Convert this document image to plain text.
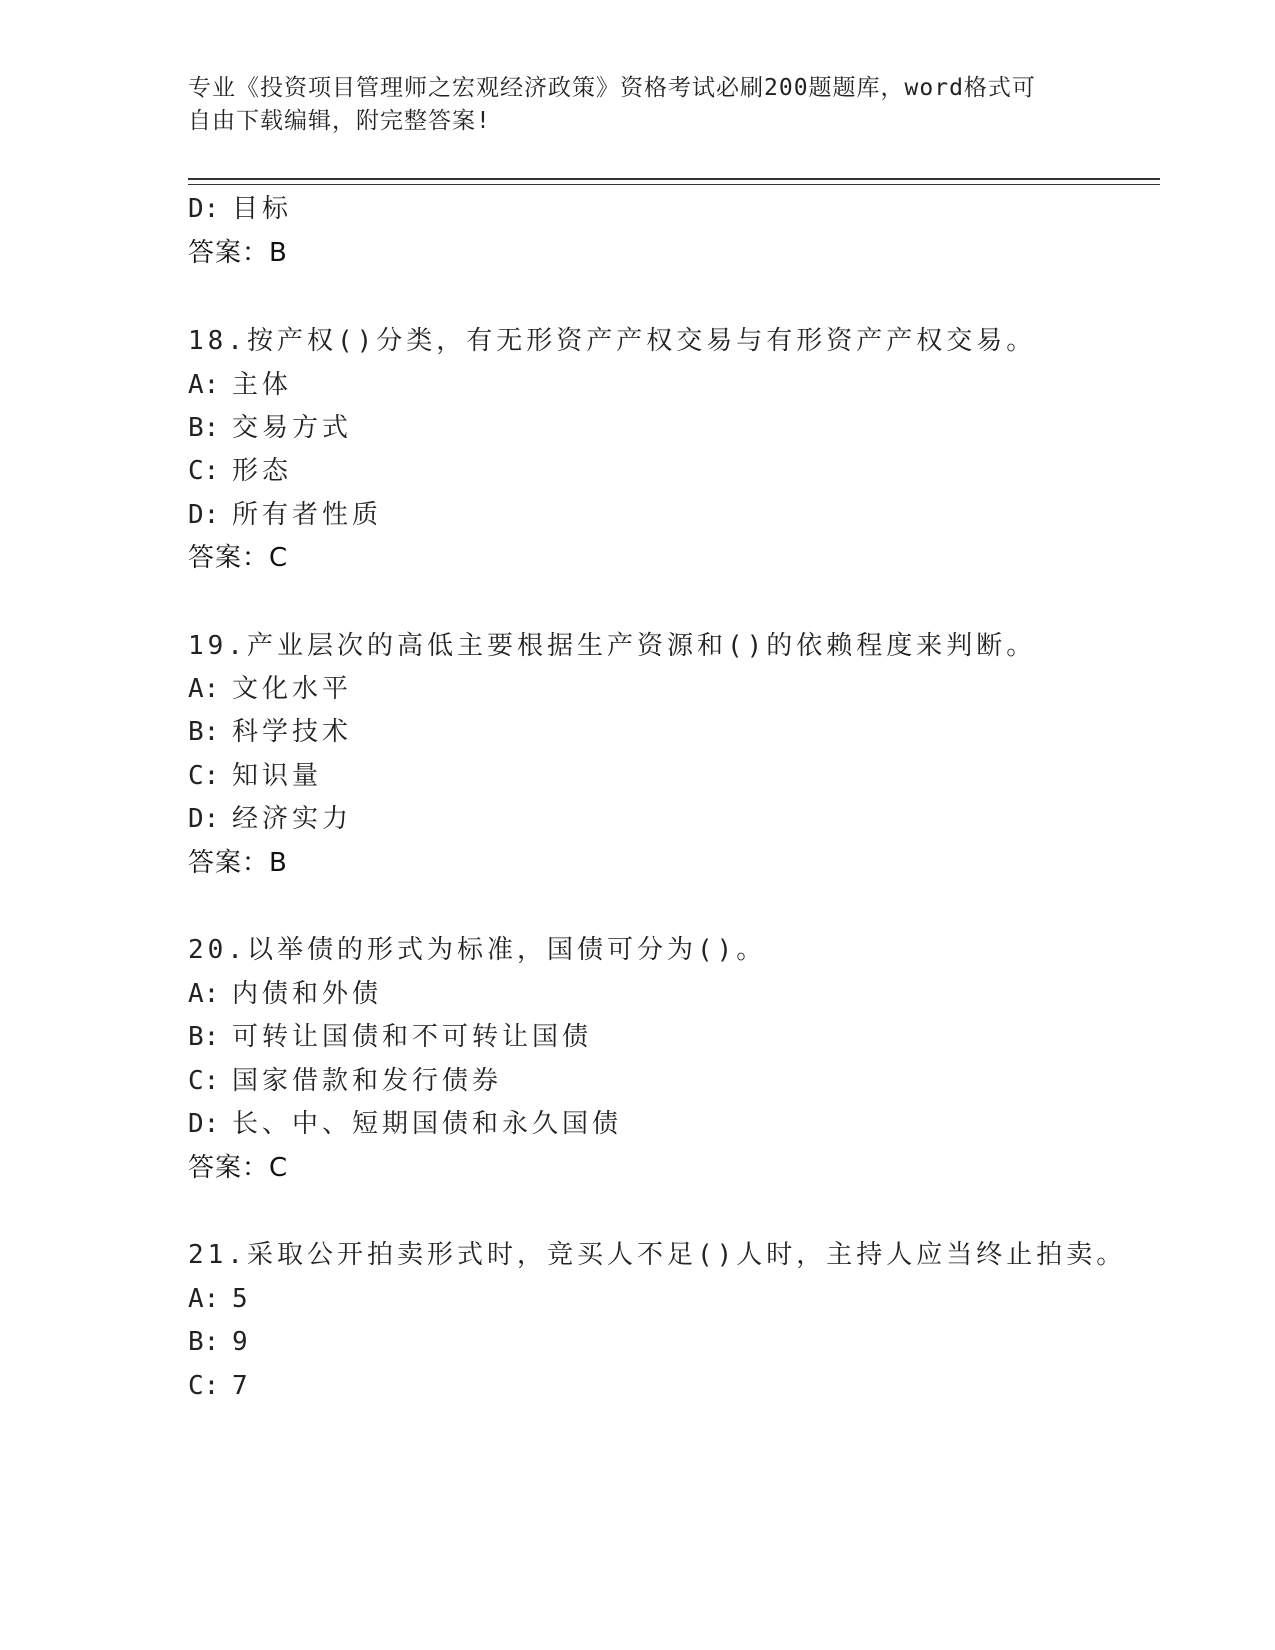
专业《投资项目管理师之宏观经济政策》资格考试必刷200题题库，word格式可
自由下载编辑，附完整答案!
D: 目标
答案：B
18.按产权()分类，有无形资产产权交易与有形资产产权交易。
A: 主体
B: 交易方式
C: 形态
D: 所有者性质
答案：C
19.产业层次的高低主要根据生产资源和()的依赖程度来判断。
A: 文化水平
B: 科学技术
C: 知识量
D: 经济实力
答案：B
20.以举债的形式为标准，国债可分为()。
A: 内债和外债
B: 可转让国债和不可转让国债
C: 国家借款和发行债券
D: 长、中、短期国债和永久国债
答案：C
21.采取公开拍卖形式时，竞买人不足()人时，主持人应当终止拍卖。
A: 5
B: 9
C: 7
